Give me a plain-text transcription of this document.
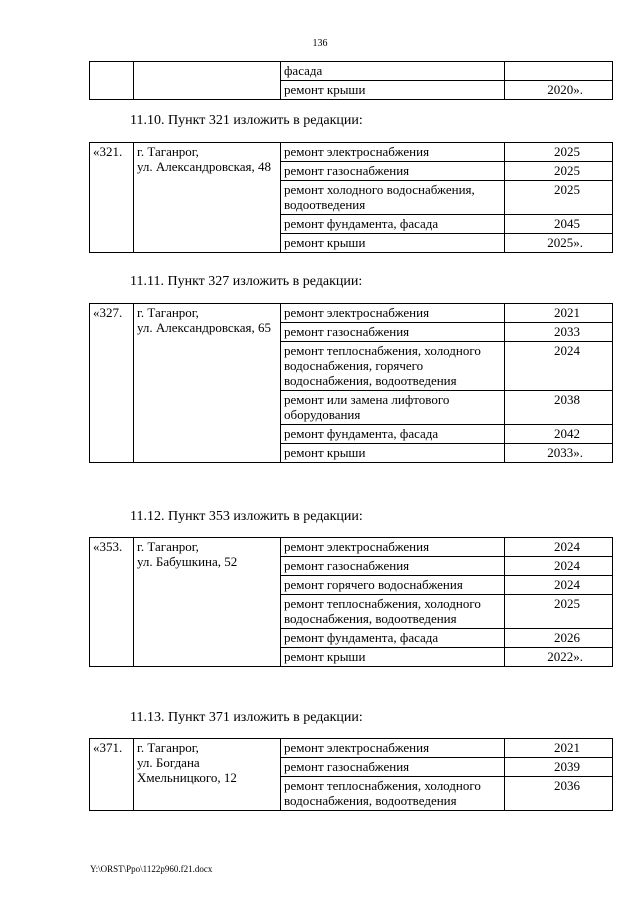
136
		фасада	
		ремонт крыши	2020».
11.10. Пункт 321 изложить в редакции:
«321.	г. Таганрог,
ул. Александровская, 48	ремонт электроснабжения	2025
		ремонт газоснабжения	2025
		ремонт холодного водоснабжения, водоотведения	2025
		ремонт фундамента, фасада	2045
		ремонт крыши	2025».
11.11. Пункт 327 изложить в редакции:
«327.	г. Таганрог,
ул. Александровская, 65	ремонт электроснабжения	2021
		ремонт газоснабжения	2033
		ремонт теплоснабжения, холодного водоснабжения, горячего водоснабжения, водоотведения	2024
		ремонт или замена лифтового оборудования	2038
		ремонт фундамента, фасада	2042
		ремонт крыши	2033».
11.12. Пункт 353 изложить в редакции:
«353.	г. Таганрог,
ул. Бабушкина, 52	ремонт электроснабжения	2024
		ремонт газоснабжения	2024
		ремонт горячего водоснабжения	2024
		ремонт теплоснабжения, холодного водоснабжения, водоотведения	2025
		ремонт фундамента, фасада	2026
		ремонт крыши	2022».
11.13. Пункт 371 изложить в редакции:
«371.	г. Таганрог,
ул. Богдана
Хмельницкого, 12	ремонт электроснабжения	2021
		ремонт газоснабжения	2039
		ремонт теплоснабжения, холодного водоснабжения, водоотведения	2036
Y:\ORST\Ppo\1122p960.f21.docx
